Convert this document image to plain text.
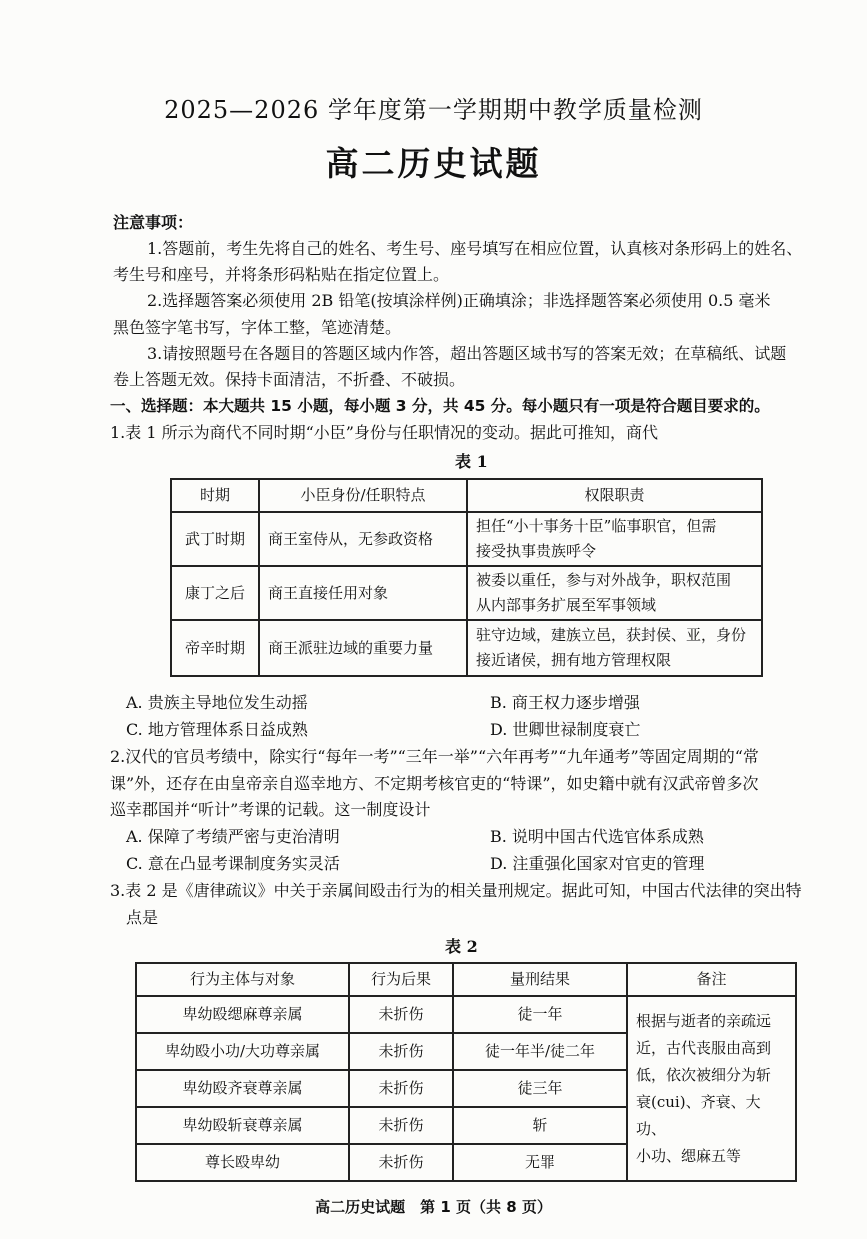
2025—2026 学年度第一学期期中教学质量检测
高二历史试题
注意事项：
1.答题前，考生先将自己的姓名、考生号、座号填写在相应位置，认真核对条形码上的姓名、
考生号和座号，并将条形码粘贴在指定位置上。
2.选择题答案必须使用 2B 铅笔(按填涂样例)正确填涂；非选择题答案必须使用 0.5 毫米
黑色签字笔书写，字体工整，笔迹清楚。
3.请按照题号在各题目的答题区域内作答，超出答题区域书写的答案无效；在草稿纸、试题
卷上答题无效。保持卡面清洁，不折叠、不破损。
一、选择题：本大题共 15 小题，每小题 3 分，共 45 分。每小题只有一项是符合题目要求的。
1.表 1 所示为商代不同时期“小臣”身份与任职情况的变动。据此可推知，商代
表 1
时期	小臣身份/任职特点	权限职责
武丁时期	商王室侍从，无参政资格	担任“小十事务十臣”临事职官，但需
接受执事贵族呼令

康丁之后	商王直接任用对象	被委以重任，参与对外战争，职权范围
从内部事务扩展至军事领域

帝辛时期	商王派驻边域的重要力量	驻守边域，建族立邑，获封侯、亚，身份
接近诸侯，拥有地方管理权限
A. 贵族主导地位发生动摇	B. 商王权力逐步增强
C. 地方管理体系日益成熟	D. 世卿世禄制度衰亡
2.汉代的官员考绩中，除实行“每年一考”“三年一举”“六年再考”“九年通考”等固定周期的“常
课”外，还存在由皇帝亲自巡幸地方、不定期考核官吏的“特课”，如史籍中就有汉武帝曾多次
巡幸郡国并“听计”考课的记载。这一制度设计
A. 保障了考绩严密与吏治清明	B. 说明中国古代选官体系成熟
C. 意在凸显考课制度务实灵活	D. 注重强化国家对官吏的管理
3.表 2 是《唐律疏议》中关于亲属间殴击行为的相关量刑规定。据此可知，中国古代法律的突出特
点是
表 2
行为主体与对象	行为后果	量刑结果	备注
卑幼殴缌麻尊亲属	未折伤	徒一年	根据与逝者的亲疏远
近，古代丧服由高到
低，依次被细分为斩
衰(cui)、齐衰、大功、
小功、缌麻五等

卑幼殴小功/大功尊亲属	未折伤	徒一年半/徒二年	
卑幼殴齐衰尊亲属	未折伤	徒三年	
卑幼殴斩衰尊亲属	未折伤	斩	
尊长殴卑幼	未折伤	无罪	
高二历史试题　第 1 页（共 8 页）
